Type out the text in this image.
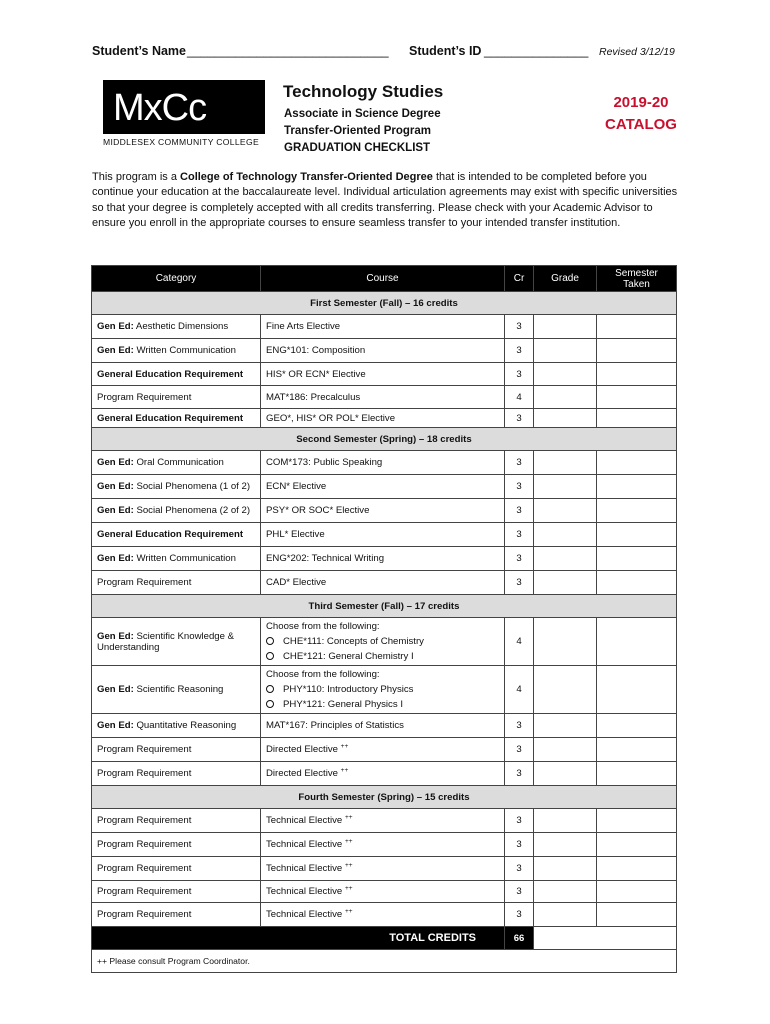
Student’s Name _____________________________ Student’s ID _______________ Revised 3/12/19
MxCc
MIDDLESEX COMMUNITY COLLEGE
Technology Studies
Associate in Science Degree
Transfer-Oriented Program
GRADUATION CHECKLIST
2019-20
CATALOG
This program is a College of Technology Transfer-Oriented Degree that is intended to be completed before you continue your education at the baccalaureate level. Individual articulation agreements may exist with specific universities so that your degree is completely accepted with all credits transferring. Please check with your Academic Advisor to ensure you enroll in the appropriate courses to ensure seamless transfer to your intended transfer institution.
Category	Course	Cr	Grade	Semester Taken
First Semester (Fall) – 16 credits				
Gen Ed: Aesthetic Dimensions	Fine Arts Elective	3		
Gen Ed: Written Communication	ENG*101: Composition	3		
General Education Requirement	HIS* OR ECN* Elective	3		
Program Requirement	MAT*186: Precalculus	4		
General Education Requirement	GEO*, HIS* OR POL* Elective	3		
Second Semester (Spring) – 18 credits				
Gen Ed: Oral Communication	COM*173: Public Speaking	3		
Gen Ed: Social Phenomena (1 of 2)	ECN* Elective	3		
Gen Ed: Social Phenomena (2 of 2)	PSY* OR SOC* Elective	3		
General Education Requirement	PHL* Elective	3		
Gen Ed: Written Communication	ENG*202: Technical Writing	3		
Program Requirement	CAD* Elective	3		
Third Semester (Fall) – 17 credits				
Gen Ed: Scientific Knowledge & Understanding	Choose from the following:
CHE*111: Concepts of Chemistry
CHE*121: General Chemistry I	4		
Gen Ed: Scientific Reasoning	Choose from the following:
PHY*110: Introductory Physics
PHY*121: General Physics I	4		
Gen Ed: Quantitative Reasoning	MAT*167: Principles of Statistics	3		
Program Requirement	Directed Elective ++	3		
Program Requirement	Directed Elective ++	3		
Fourth Semester (Spring) – 15 credits				
Program Requirement	Technical Elective ++	3		
Program Requirement	Technical Elective ++	3		
Program Requirement	Technical Elective ++	3		
Program Requirement	Technical Elective ++	3		
Program Requirement	Technical Elective ++	3		
TOTAL CREDITS		66		
++ Please consult Program Coordinator.				
